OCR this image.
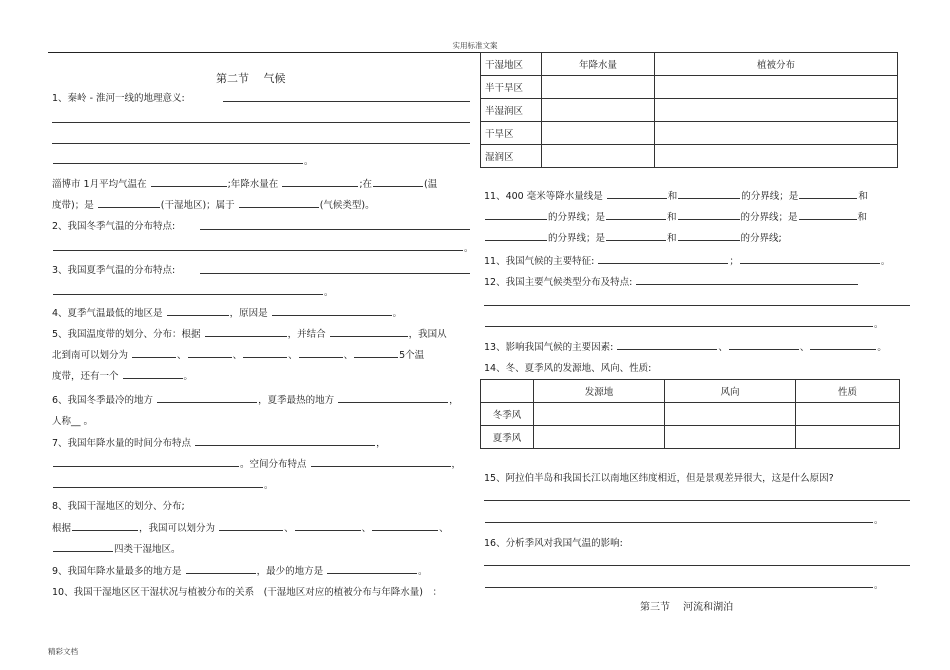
实用标准文案
第二节　 气候
1、秦岭 - 淮河一线的地理意义:
。
淄博市 1月平均气温在	;年降水量在	;在	(温
度带)；是	(干湿地区)；属于	(气候类型)。
2、我国冬季气温的分布特点:
。
3、我国夏季气温的分布特点:
。
4、夏季气温最低的地区是	，原因是	。
5、我国温度带的划分、分布：根据	，并结合	，我国从
北到南可以划分为	、	、	、	、	5个温
度带，还有一个	。
6、我国冬季最冷的地方	，夏季最热的地方	，
人称__ 。
7、我国年降水量的时间分布特点	，
。空间分布特点	，
。
8、我国干湿地区的划分、分布;
根据	，我国可以划分为	、	、	、
四类干湿地区。
9、我国年降水量最多的地方是	，最少的地方是	。
10、我国干湿地区区干湿状况与植被分布的关系　(干湿地区对应的植被分布与年降水量)　：
精彩文档
干湿地区	年降水量	植被分布
半干旱区		
半湿润区		
干旱区		
湿润区		
11、400 毫米等降水量线是	和	的分界线；是	和
的分界线；是	和	的分界线；是	和
的分界线；是	和	的分界线;
11、我国气候的主要特征:	；	。
12、我国主要气候类型分布及特点:
。
13、影响我国气候的主要因素:	、	、	。
14、冬、夏季风的发源地、风向、性质:
	发源地	风向	性质
冬季风			
夏季风			
15、阿拉伯半岛和我国长江以南地区纬度相近，但是景观差异很大，这是什么原因?
。
16、分析季风对我国气温的影响:
。
第三节　 河流和湖泊
